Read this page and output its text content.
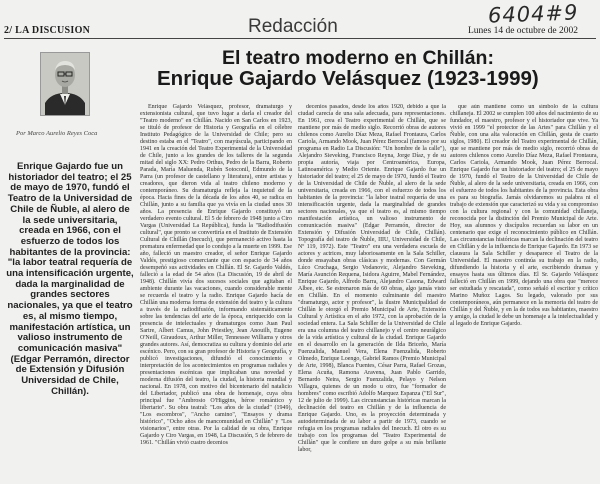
6404#9
2/ LA DISCUSION	Redacción	Lunes 14 de octubre de 2002
Por Marco Aurelio Reyes Coca

Enrique Gajardo fue un historiador del teatro; el 25 de mayo de 1970, fundó el Teatro de la Universidad de Chile de Ñuble, al alero de la sede universitaria, creada en 1966, con el esfuerzo de todos los habitantes de la provincia: "la labor teatral requería de una intensificación urgente, dada la marginalidad de grandes sectores nacionales, ya que el teatro es, al mismo tiempo, manifestación artística, un valioso instrumento de comunicación masiva" (Edgar Perramón, director de Extensión y Difusión Universidad de Chile, Chillán).

El teatro moderno en Chillán:
Enrique Gajardo Velásquez (1923-1999)

Enrique Gajardo Velásquez, profesor, dramaturgo y extensionista cultural, que tuvo lugar a darla el creador del "Teatro moderno" en Chillán. Nacido en San Carlos en 1923, se tituló de profesor de Historia y Geografía en el célebre Instituto Pedagógico de la Universidad de Chile; pero su destino estaba en el "Teatro", con mayúscula, participando en 1941 en la creación del Teatro Experimental de la Universidad de Chile, junto a los grandes de los talleres de la segunda mitad del siglo XX: Pedro Orthus, Pedro de la Barra, Roberto Parada, María Maluenda, Rubén Sotoconil, Edmundo de la Parra (un profesor de castellano y literatura), entre artistas y creadores, que dieron vida al teatro chileno moderno y contemporáneo. Su dramaturgia refleja la inquietud de la época. Hacia fines de la década de los años 40, se radica en Chillán, junto a su familia que ya vivía en la ciudad unos 30 años. La presencia de Enrique Gajardo constituyó un verdadero evento cultural. El 5 de febrero de 1948 junto a Ciro Vargas (Universidad La República), funda la "Radiodifusión cultural", que pronto se convertiría en el Instituto de Extensión Cultural de Chillán (Inecuch), que permaneció activo hasta la prematura enfermedad que lo condujo a la muerte en 1999. Ese año, falleció un maestro creador, el señor Enrique Gajardo Valdés, prestigioso comerciante que con espacio de 34 años desempeñó sus actividades en Chillán. El Sr. Gajardo Valdés, falleció a la edad de 54 años (La Discusión, 19 de abril de 1948). Chillán vivía dos sucesos sociales que agitaban el ambiente durante las vacaciones, cuando considerable mente se recuerda el teatro y la radio. Enrique Gajardo hacía de Chillán una moderna forma de extensión del teatro y la cultura a través de la radiodifusión, informando sistemáticamente sobre las tendencias del arte de la época, enriquecido con la presencia de intelectuales y dramaturgos como Juan Paul Sartre, Albert Camus, John Priestley, Jean Anouilh, Eugene O'Neill, Giraudoux, Arthur Miller, Tennessee Williams y otros grandes autores. Así, democratiza su cultura y dominio del arte escénico. Pero, con su gran profesor de Historia y Geografía, y publicó investigaciones, difundió el conocimiento e interpretación de los acontecimientos en programas radiales y presentaciones escénicas que implicaban una novedad y moderna difusión del teatro, la ciudad, la historia mundial y nacional. En 1978, con motivo del bicentenario del natalicio del Libertador, publicó una obra de homenaje, cuya obra principal fue "Ambrosio O'Higgins, héroe romántico y libertario". Su obra teatral: "Los años de la ciudad" (1949), "Los escombros", "Ancho camino", "Ensayos y drama histórico", "Ocho años de mancomunidad en Chillán" y "Los visionarios", entre otras. Por la calidad de su obra, Enrique Gajardo y Ciro Vargas, en 1948, La Discusión, 5 de febrero de 1961. "Chillán vivió cuatro decenios

decenios pasados, desde los años 1920, debido a que la ciudad carecía de una sala adecuada, para representaciones. En 1961, crea el Teatro experimental de Chillán, que se mantiene por más de medio siglo. Recorrió obras de autores chilenos como Aurelio Díaz Meza, Rafael Frontaura, Carlos Cariola, Armando Mook, Juan Pérez Berrocal (famoso por su programa en Radio La Discusión: "Un hombre de la calle"), Alejandro Sieveking, Francisco Reyna, Jorge Díaz, y de su propia autoría, viaja por Centroamérica, Europa, Latinoamérica y Medio Oriente. Enrique Gajardo fue un historiador del teatro; el 25 de mayo de 1970, fundó el Teatro de la Universidad de Chile de Ñuble, al alero de la sede universitaria, creada en 1966, con el esfuerzo de todos los habitantes de la provincia: "la labor teatral requería de una intensificación urgente, dada la marginalidad de grandes sectores nacionales, ya que el teatro es, al mismo tiempo manifestación artística, un valioso instrumento de comunicación masiva" (Edgar Perramón, director de Extensión y Difusión Universidad de Chile, Chillán). Topografía del teatro de Ñuble, IIIU, Universidad de Chile, Nº 119, 1972). Este "Teatro" era una verdadera escuela de actores y actrices, muy laboriosamente en la Sala Schiller, donde ensayaban obras clásicas y modernas. Con Germán Lúco Cruchaga, Sergio Vodanovic, Alejandro Sieveking, María Asunción Requena, Isidora Aguirre, Mabel Fernández, Enrique Gajardo, Alfredo Barra, Alejandro Casona, Edward Albee, etc. Se estrenaron más de 60 obras, algo jamás visto en Chillán. En el momento culminante del maestro "dramaturgo, actor y profesor", la ilustre Municipalidad de Chillán le otorgó el Premio Municipal de Arte, Extensión Cultural y Artística en el año 1972, con la aprobación de la sociedad entera. La Sala Schiller de la Universidad de Chile era una columna del teatro chillanejo y el centro neurálgico de la vida artística y cultural de la ciudad. Enrique Gajardo en el desarrollo en la generación de Ilda Briceño, María Fuenzalida, Manuel Vera, Elena Fuenzalida, Roberto Olmedo, Enrique Loengo, Gabriel Ramos (Premio Municipal de Arte, 1998), Blanca Fuentes, César Parra, Rafael Grozas, Elena Acuña, Ramona Aravena, Juan Pablo Garrido, Bernardo Neira, Sergio Fuenzalida, Pelayo y Nelson Villagra, quienes de un modo u otro, fue "formador de hombres" como escribió Adolfo Marquez Espanza ("El Sur", 12 de julio de 1999). Las circunstancias históricas marcan la declinación del teatro en Chillán y de la influencia de Enrique Gajardo. Uno, es la proyección determinada y autodeterminada de su labor a partir de 1973, cuando se refugia en los programas radiales del Inecuch. El otro es su trabajo con los programas del "Teatro Experimental de Chillán" que le confiere un duro golpe a su más brillante labor,

que aún mantiene como un símbolo de la cultura chillaneja. El 2002 se cumplen 100 años del nacimiento de su fundador, el maestro, profesor y el historiador que vive. Ya vivió en 1999 "el protector de las Artes" para Chillán y el Ñuble, con una alta valoración en Chillán, gesta de cuarto siglos, 1980). El creador del Teatro experimental de Chillán, que se mantiene por más de medio siglo, recorrió obras de autores chilenos como Aurelio Díaz Meza, Rafael Frontaura, Carlos Cariola, Armando Mook, Juan Pérez Berrocal. Enrique Gajardo fue un historiador del teatro; el 25 de mayo de 1970, fundó el Teatro de la Universidad de Chile de Ñuble, al alero de la sede universitaria, creada en 1966, con el esfuerzo de todos los habitantes de la provincia. Esta obra es para su biografía. Jamás olvidaremos su palabra ni el trabajo de extensión que caracterizó su vida y su compromiso con la cultura regional y con la comunidad chillaneja, reconocida por la distinción del Premio Municipal de Arte. Hoy, sus alumnos y discípulos recuerdan su labor en un centenario que exige el reconocimiento público en Chillán. Las circunstancias históricas marcan la declinación del teatro en Chillán y de la influencia de Enrique Gajardo. En 1973 se clausura la Sala Schiller y desaparece el Teatro de la Universidad. El maestro continúa su trabajo en la radio, difundiendo la historia y el arte, escribiendo dramas y ensayos hasta sus últimos días. El Sr. Gajardo Velásquez falleció en Chillán en 1999, dejando una obra que "merece ser estudiada y rescatada", como señaló el escritor y crítico Marino Muñoz Lagos. Su legado, valorado por sus contemporáneos, aún permanece en la memoria del teatro de Chillán y del Ñuble, y en la de todos sus habitantes, maestro y amigo, la ciudad le debe un homenaje a la intelectualidad y al legado de Enrique Gajardo.
